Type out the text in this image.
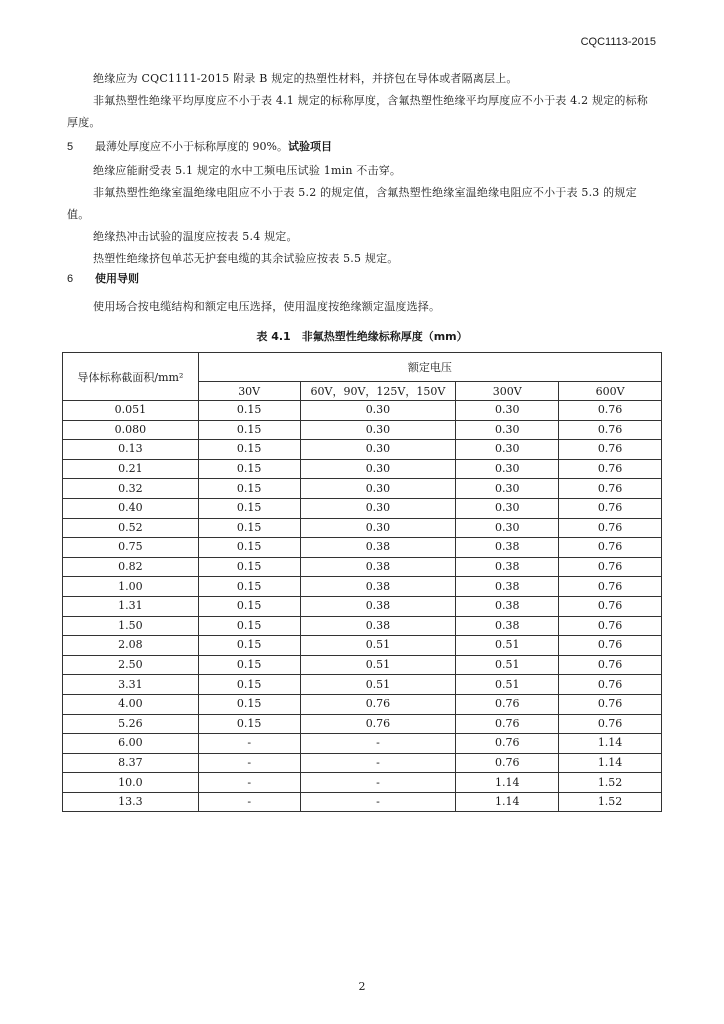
CQC1113-2015
绝缘应为 CQC1111-2015 附录 B 规定的热塑性材料，并挤包在导体或者隔离层上。
非氟热塑性绝缘平均厚度应不小于表 4.1 规定的标称厚度，含氟热塑性绝缘平均厚度应不小于表 4.2 规定的标称厚度。
5 最薄处厚度应不小于标称厚度的 90%。试验项目
绝缘应能耐受表 5.1 规定的水中工频电压试验 1min 不击穿。
非氟热塑性绝缘室温绝缘电阻应不小于表 5.2 的规定值，含氟热塑性绝缘室温绝缘电阻应不小于表 5.3 的规定值。
绝缘热冲击试验的温度应按表 5.4 规定。
热塑性绝缘挤包单芯无护套电缆的其余试验应按表 5.5 规定。
6 使用导则
使用场合按电缆结构和额定电压选择，使用温度按绝缘额定温度选择。
表 4.1　非氟热塑性绝缘标称厚度（mm）
导体标称截面积/mm²	额定电压			
	30V	60V，90V，125V，150V	300V	600V
0.051	0.15	0.30	0.30	0.76
0.080	0.15	0.30	0.30	0.76
0.13	0.15	0.30	0.30	0.76
0.21	0.15	0.30	0.30	0.76
0.32	0.15	0.30	0.30	0.76
0.40	0.15	0.30	0.30	0.76
0.52	0.15	0.30	0.30	0.76
0.75	0.15	0.38	0.38	0.76
0.82	0.15	0.38	0.38	0.76
1.00	0.15	0.38	0.38	0.76
1.31	0.15	0.38	0.38	0.76
1.50	0.15	0.38	0.38	0.76
2.08	0.15	0.51	0.51	0.76
2.50	0.15	0.51	0.51	0.76
3.31	0.15	0.51	0.51	0.76
4.00	0.15	0.76	0.76	0.76
5.26	0.15	0.76	0.76	0.76
6.00	-	-	0.76	1.14
8.37	-	-	0.76	1.14
10.0	-	-	1.14	1.52
13.3	-	-	1.14	1.52
2
